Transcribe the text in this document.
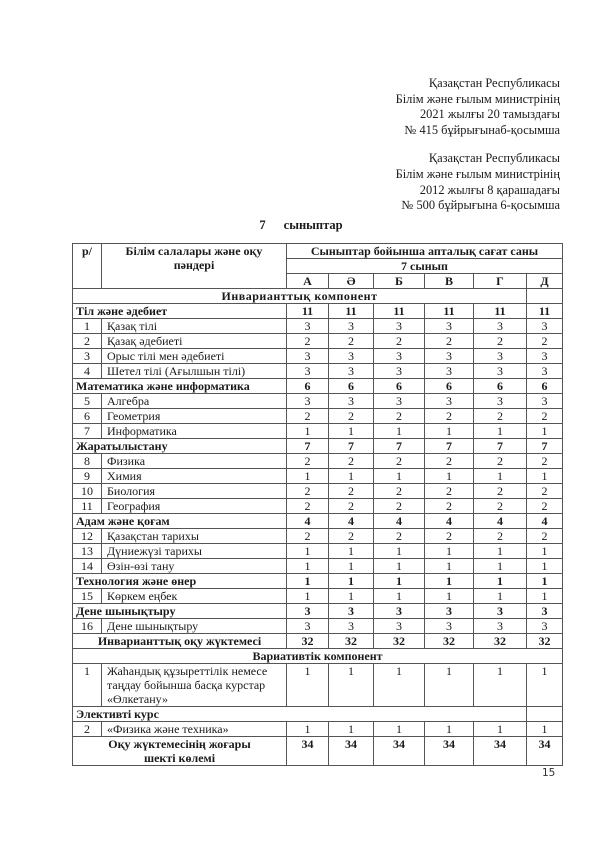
Қазақстан Республикасы
Білім және ғылым министрінің
2021 жылғы 20 тамыздағы
№ 415 бұйрығынаб-қосымша
Қазақстан Республикасы
Білім және ғылым министрінің
2012 жылғы 8 қарашадағы
№ 500 бұйрығына 6-қосымша
7 сыныптар
р/	Білім салалары және оқу пәндері	Сыныптар бойынша апталық сағат саны					
		7 сынып					
		А	Ә	Б	В	Г	Д
Инварианттық компонент							
Тіл және әдебиет		11	11	11	11	11	11
1	Қазақ тілі	3	3	3	3	3	3
2	Қазақ әдебиеті	2	2	2	2	2	2
3	Орыс тілі мен әдебиеті	3	3	3	3	3	3
4	Шетел тілі (Ағылшын тілі)	3	3	3	3	3	3
Математика және информатика		6	6	6	6	6	6
5	Алгебра	3	3	3	3	3	3
6	Геометрия	2	2	2	2	2	2
7	Информатика	1	1	1	1	1	1
Жаратылыстану		7	7	7	7	7	7
8	Физика	2	2	2	2	2	2
9	Химия	1	1	1	1	1	1
10	Биология	2	2	2	2	2	2
11	География	2	2	2	2	2	2
Адам және қоғам		4	4	4	4	4	4
12	Қазақстан тарихы	2	2	2	2	2	2
13	Дүниежүзі тарихы	1	1	1	1	1	1
14	Өзін-өзі тану	1	1	1	1	1	1
Технология және өнер		1	1	1	1	1	1
15	Көркем еңбек	1	1	1	1	1	1
Дене шынықтыру		3	3	3	3	3	3
16	Дене шынықтыру	3	3	3	3	3	3
Инварианттық оқу жүктемесі		32	32	32	32	32	32
Вариативтік компонент							
1	Жаһандық құзыреттілік немесе таңдау бойынша басқа курстар «Өлкетану»	1	1	1	1	1	1
Элективті курс							
2	«Физика және техника»	1	1	1	1	1	1
Оқу жүктемесінің жоғары шекті көлемі		34	34	34	34	34	34
15
